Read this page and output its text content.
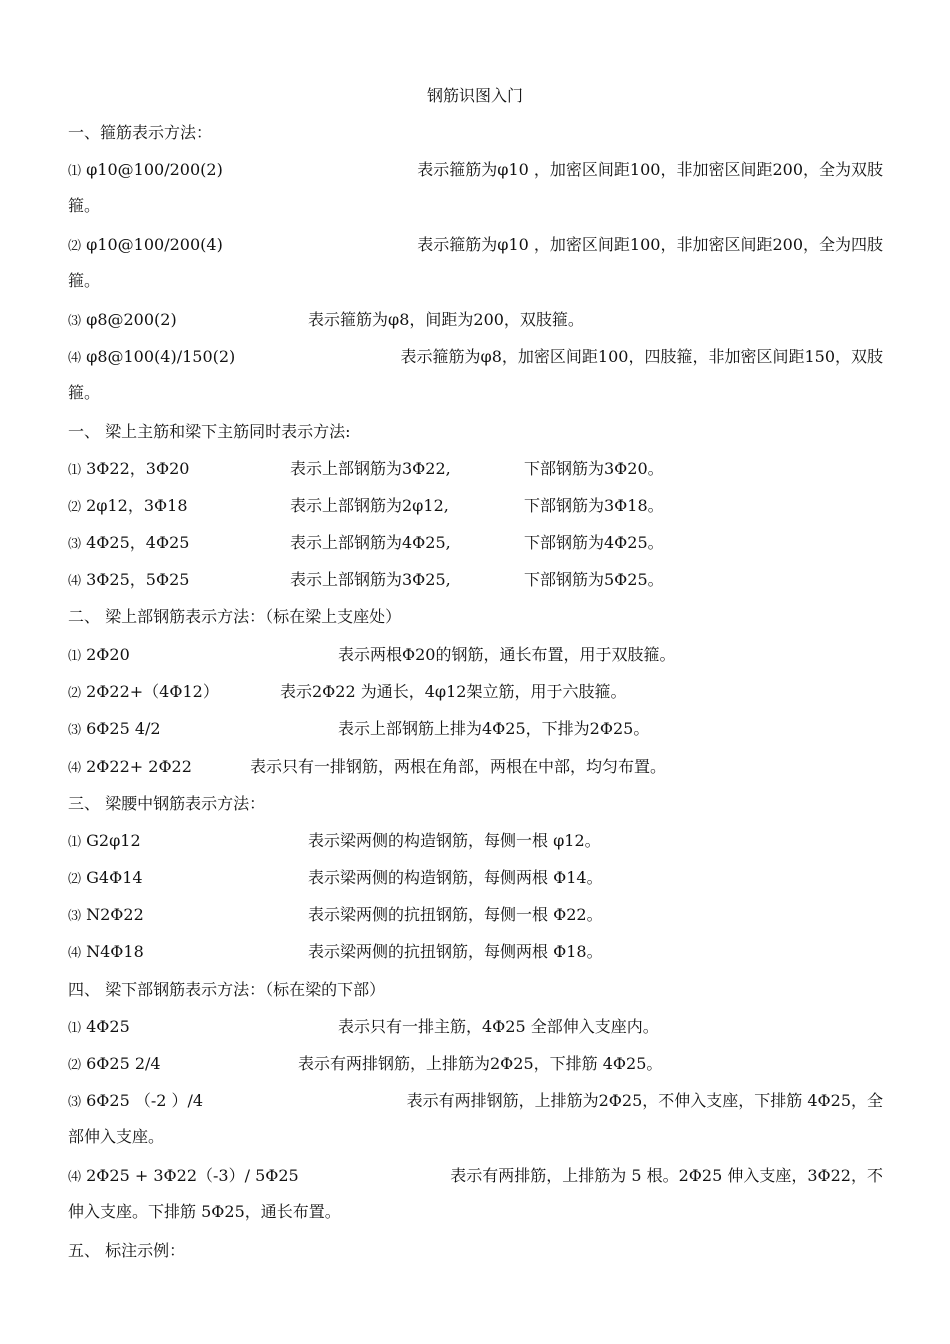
钢筋识图入门
一、箍筋表示方法：
⑴ φ10@100/200(2)	表示箍筋为φ10 ，加密区间距100，非加密区间距200，全为双肢
箍。
⑵ φ10@100/200(4)	表示箍筋为φ10 ，加密区间距100，非加密区间距200，全为四肢
箍。
⑶ φ8@200(2)	表示箍筋为φ8，间距为200，双肢箍。
⑷ φ8@100(4)/150(2)	表示箍筋为φ8，加密区间距100，四肢箍，非加密区间距150，双肢
箍。
一、 梁上主筋和梁下主筋同时表示方法:
⑴ 3Φ22，3Φ20	表示上部钢筋为3Φ22,	下部钢筋为3Φ20。
⑵ 2φ12，3Φ18	表示上部钢筋为2φ12,	下部钢筋为3Φ18。
⑶ 4Φ25，4Φ25	表示上部钢筋为4Φ25,	下部钢筋为4Φ25。
⑷ 3Φ25，5Φ25	表示上部钢筋为3Φ25,	下部钢筋为5Φ25。
二、 梁上部钢筋表示方法：（标在梁上支座处）
⑴ 2Φ20	表示两根Φ20的钢筋，通长布置，用于双肢箍。
⑵ 2Φ22+（4Φ12）	表示2Φ22 为通长，4φ12架立筋，用于六肢箍。
⑶ 6Φ25 4/2	表示上部钢筋上排为4Φ25，下排为2Φ25。
⑷ 2Φ22+ 2Φ22	表示只有一排钢筋，两根在角部，两根在中部，均匀布置。
三、 梁腰中钢筋表示方法：
⑴ G2φ12	表示梁两侧的构造钢筋，每侧一根 φ12。
⑵ G4Φ14	表示梁两侧的构造钢筋，每侧两根 Φ14。
⑶ N2Φ22	表示梁两侧的抗扭钢筋，每侧一根 Φ22。
⑷ N4Φ18	表示梁两侧的抗扭钢筋，每侧两根 Φ18。
四、 梁下部钢筋表示方法：（标在梁的下部）
⑴ 4Φ25	表示只有一排主筋，4Φ25 全部伸入支座内。
⑵ 6Φ25 2/4	表示有两排钢筋，上排筋为2Φ25，下排筋 4Φ25。
⑶ 6Φ25 （-2 ）/4	表示有两排钢筋，上排筋为2Φ25，不伸入支座，下排筋 4Φ25，全
部伸入支座。
⑷ 2Φ25 + 3Φ22（-3）/ 5Φ25	表示有两排筋，上排筋为 5 根。2Φ25 伸入支座，3Φ22，不
伸入支座。下排筋 5Φ25，通长布置。
五、 标注示例：
